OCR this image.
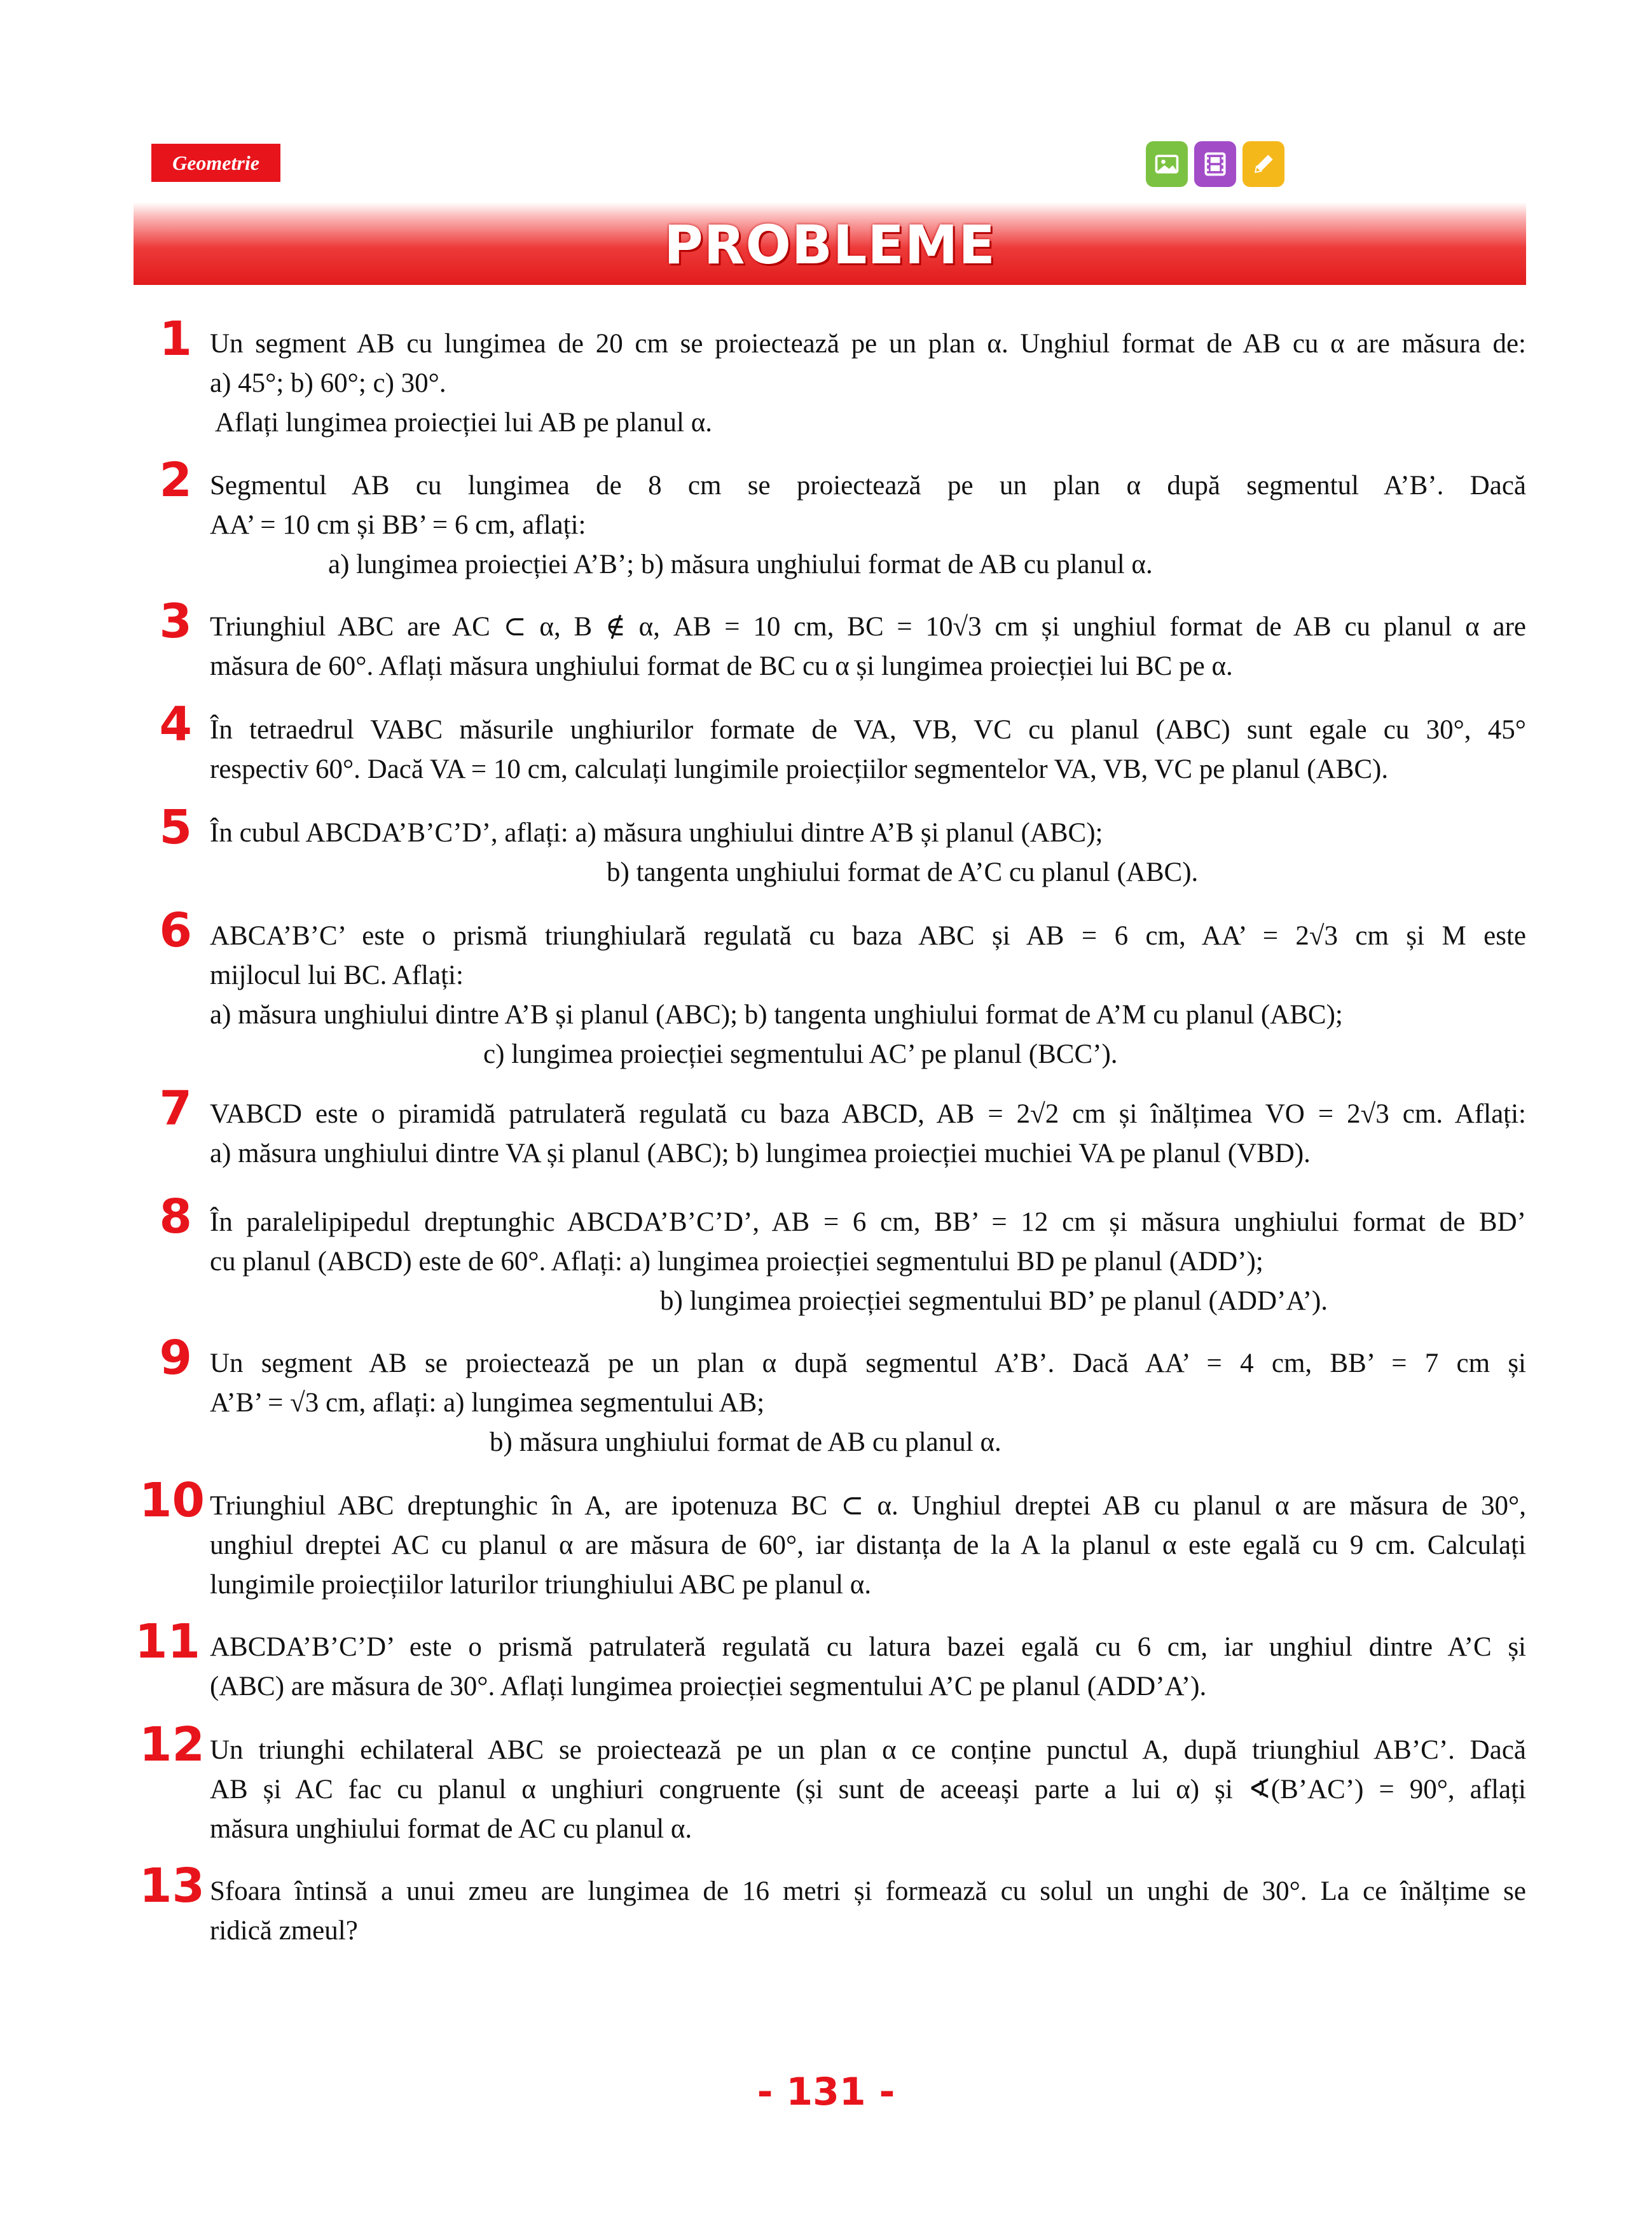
Geometrie
PROBLEME
1 Un segment AB cu lungimea de 20 cm se proiectează pe un plan α. Unghiul format de AB cu α are măsura de:
a) 45°; b) 60°; c) 30°.
Aflați lungimea proiecției lui AB pe planul α.
2 Segmentul AB cu lungimea de 8 cm se proiectează pe un plan α după segmentul A’B’. Dacă
AA’ = 10 cm și BB’ = 6 cm, aflați:
a) lungimea proiecției A’B’; b) măsura unghiului format de AB cu planul α.
3 Triunghiul ABC are AC ⊂ α, B ∉ α, AB = 10 cm, BC = 10√3 cm și unghiul format de AB cu planul α are
măsura de 60°. Aflați măsura unghiului format de BC cu α și lungimea proiecției lui BC pe α.
4 În tetraedrul VABC măsurile unghiurilor formate de VA, VB, VC cu planul (ABC) sunt egale cu 30°, 45°
respectiv 60°. Dacă VA = 10 cm, calculați lungimile proiecțiilor segmentelor VA, VB, VC pe planul (ABC).
5 În cubul ABCDA’B’C’D’, aflați: a) măsura unghiului dintre A’B și planul (ABC);
b) tangenta unghiului format de A’C cu planul (ABC).
6 ABCA’B’C’ este o prismă triunghiulară regulată cu baza ABC și AB = 6 cm, AA’ = 2√3 cm și M este
mijlocul lui BC. Aflați:
a) măsura unghiului dintre A’B și planul (ABC); b) tangenta unghiului format de A’M cu planul (ABC);
c) lungimea proiecției segmentului AC’ pe planul (BCC’).
7 VABCD este o piramidă patrulateră regulată cu baza ABCD, AB = 2√2 cm și înălțimea VO = 2√3 cm. Aflați:
a) măsura unghiului dintre VA și planul (ABC); b) lungimea proiecției muchiei VA pe planul (VBD).
8 În paralelipipedul dreptunghic ABCDA’B’C’D’, AB = 6 cm, BB’ = 12 cm și măsura unghiului format de BD’
cu planul (ABCD) este de 60°. Aflați: a) lungimea proiecției segmentului BD pe planul (ADD’);
b) lungimea proiecției segmentului BD’ pe planul (ADD’A’).
9 Un segment AB se proiectează pe un plan α după segmentul A’B’. Dacă AA’ = 4 cm, BB’ = 7 cm și
A’B’ = √3 cm, aflați: a) lungimea segmentului AB;
b) măsura unghiului format de AB cu planul α.
10 Triunghiul ABC dreptunghic în A, are ipotenuza BC ⊂ α. Unghiul dreptei AB cu planul α are măsura de 30°,
unghiul dreptei AC cu planul α are măsura de 60°, iar distanța de la A la planul α este egală cu 9 cm. Calculați
lungimile proiecțiilor laturilor triunghiului ABC pe planul α.
11 ABCDA’B’C’D’ este o prismă patrulateră regulată cu latura bazei egală cu 6 cm, iar unghiul dintre A’C și
(ABC) are măsura de 30°. Aflați lungimea proiecției segmentului A’C pe planul (ADD’A’).
12 Un triunghi echilateral ABC se proiectează pe un plan α ce conține punctul A, după triunghiul AB’C’. Dacă
AB și AC fac cu planul α unghiuri congruente (și sunt de aceeași parte a lui α) și ∢(B’AC’) = 90°, aflați
măsura unghiului format de AC cu planul α.
13 Sfoara întinsă a unui zmeu are lungimea de 16 metri și formează cu solul un unghi de 30°. La ce înălțime se
ridică zmeul?
- 131 -
